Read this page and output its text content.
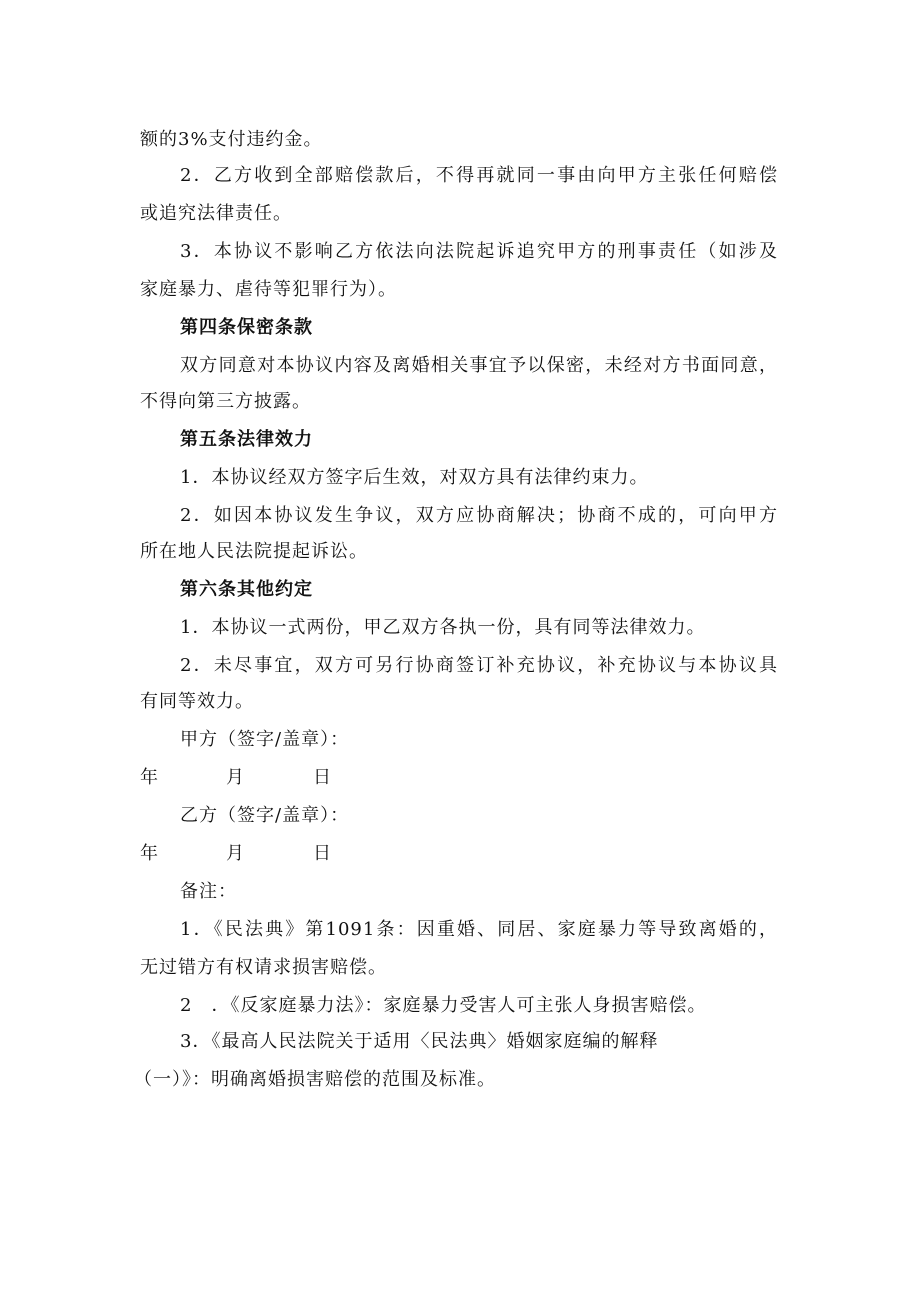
额的3%支付违约金。

2．乙方收到全部赔偿款后，不得再就同一事由向甲方主张任何赔偿

或追究法律责任。

3．本协议不影响乙方依法向法院起诉追究甲方的刑事责任（如涉及

家庭暴力、虐待等犯罪行为）。

第四条保密条款

双方同意对本协议内容及离婚相关事宜予以保密，未经对方书面同意，

不得向第三方披露。

第五条法律效力

1．本协议经双方签字后生效，对双方具有法律约束力。

2．如因本协议发生争议，双方应协商解决；协商不成的，可向甲方

所在地人民法院提起诉讼。

第六条其他约定

1．本协议一式两份，甲乙双方各执一份，具有同等法律效力。

2．未尽事宜，双方可另行协商签订补充协议，补充协议与本协议具

有同等效力。

甲方（签字/盖章）：

年	月	日

乙方（签字/盖章）：

年	月	日

备注：

1．《民法典》第1091条：因重婚、同居、家庭暴力等导致离婚的，

无过错方有权请求损害赔偿。

2　．《反家庭暴力法》：家庭暴力受害人可主张人身损害赔偿。

3．《最高人民法院关于适用〈民法典〉婚姻家庭编的解释

（一）》：明确离婚损害赔偿的范围及标准。
